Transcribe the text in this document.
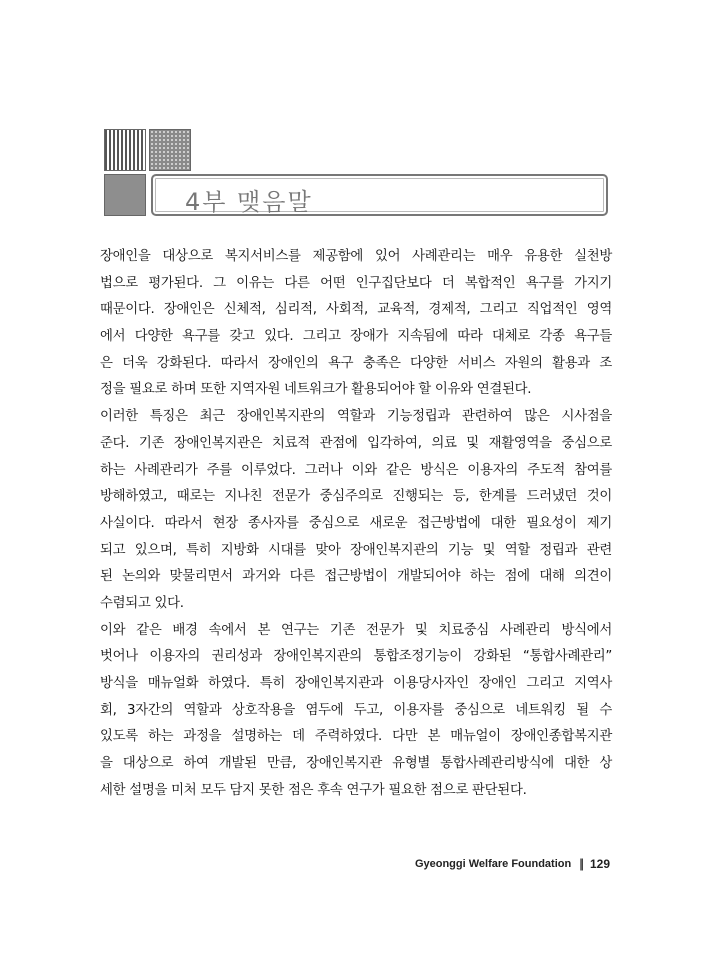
4부 맺음말
장애인을 대상으로 복지서비스를 제공함에 있어 사례관리는 매우 유용한 실천방
법으로 평가된다. 그 이유는 다른 어떤 인구집단보다 더 복합적인 욕구를 가지기
때문이다. 장애인은 신체적, 심리적, 사회적, 교육적, 경제적, 그리고 직업적인 영역
에서 다양한 욕구를 갖고 있다. 그리고 장애가 지속됨에 따라 대체로 각종 욕구들
은 더욱 강화된다. 따라서 장애인의 욕구 충족은 다양한 서비스 자원의 활용과 조
정을 필요로 하며 또한 지역자원 네트워크가 활용되어야 할 이유와 연결된다.
이러한 특징은 최근 장애인복지관의 역할과 기능정립과 관련하여 많은 시사점을
준다. 기존 장애인복지관은 치료적 관점에 입각하여, 의료 및 재활영역을 중심으로
하는 사례관리가 주를 이루었다. 그러나 이와 같은 방식은 이용자의 주도적 참여를
방해하였고, 때로는 지나친 전문가 중심주의로 진행되는 등, 한계를 드러냈던 것이
사실이다. 따라서 현장 종사자를 중심으로 새로운 접근방법에 대한 필요성이 제기
되고 있으며, 특히 지방화 시대를 맞아 장애인복지관의 기능 및 역할 정립과 관련
된 논의와 맞물리면서 과거와 다른 접근방법이 개발되어야 하는 점에 대해 의견이
수렴되고 있다.
이와 같은 배경 속에서 본 연구는 기존 전문가 및 치료중심 사례관리 방식에서
벗어나 이용자의 권리성과 장애인복지관의 통합조정기능이 강화된 “통합사례관리”
방식을 매뉴얼화 하였다. 특히 장애인복지관과 이용당사자인 장애인 그리고 지역사
회, 3자간의 역할과 상호작용을 염두에 두고, 이용자를 중심으로 네트워킹 될 수
있도록 하는 과정을 설명하는 데 주력하였다. 다만 본 매뉴얼이 장애인종합복지관
을 대상으로 하여 개발된 만큼, 장애인복지관 유형별 통합사례관리방식에 대한 상
세한 설명을 미처 모두 담지 못한 점은 후속 연구가 필요한 점으로 판단된다.
Gyeonggi Welfare Foundation || 129
